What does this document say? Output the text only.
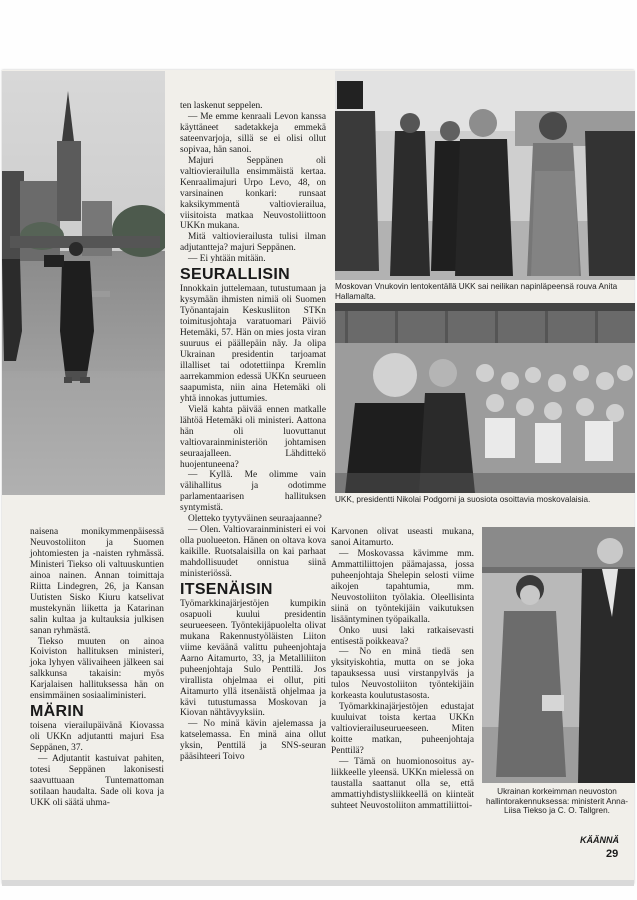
naisena monikymmenpäisessä Neuvostoliiton ja Suomen johtomiesten ja -naisten ryhmässä. Ministeri Tiekso oli valtuuskuntien ainoa nainen. Annan toimittaja Riitta Lindegren, 26, ja Kansan Uutisten Sisko Kiuru katselivat mustekynän liiketta ja Katarinan salin kultaa ja kultauksia julkisen sanan ryhmästä.

Tiekso muuten on ainoa Koiviston hallituksen ministeri, joka lyhyen välivaiheen jälkeen sai salkkunsa takaisin: myös Karjalaisen hallituksessa hän on ensimmäinen sosiaaliministeri.

MÄRIN

toisena vierailupäivänä Kiovassa oli UKKn adjutantti majuri Esa Seppänen, 37.

— Adjutantit kastuivat pahiten, totesi Seppänen lakonisesti saavuttuaan Tuntemattoman sotilaan haudalta. Sade oli kova ja UKK oli säätä uhma-

ten laskenut seppelen.

— Me emme kenraali Levon kanssa käyttäneet sadetakkeja emmekä sateenvarjoja, sillä se ei olisi ollut sopivaa, hän sanoi.

Majuri Seppänen oli valtiovierailulla ensimmäistä kertaa. Kenraalimajuri Urpo Levo, 48, on varsinainen konkari: runsaat kaksikymmentä valtiovierailua, viisitoista matkaa Neuvostoliittoon UKKn mukana.

Mitä valtiovierailusta tulisi ilman adjutantteja? majuri Seppänen.

— Ei yhtään mitään.

SEURALLISIN

Innokkain juttelemaan, tutustumaan ja kysymään ihmisten nimiä oli Suomen Työnantajain Keskusliiton STKn toimitusjohtaja varatuomari Päiviö Hetemäki, 57. Hän on mies josta viran suuruus ei päällepäin näy. Ja olipa Ukrainan presidentin tarjoamat illalliset tai odotettiinpa Kremlin aarrekammion edessä UKKn seurueen saapumista, niin aina Hetemäki oli yhtä innokas juttumies.

Vielä kahta päivää ennen matkalle lähtöä Hetemäki oli ministeri. Aattona hän oli luovuttanut valtiovarainministeriön johtamisen seuraajalleen. Lähdittekö huojentuneena?

— Kyllä. Me olimme vain välihallitus ja odotimme parlamentaarisen hallituksen syntymistä.

Oletteko tyytyväinen seuraajaanne?

— Olen. Valtiovarainministeri ei voi olla puolueeton. Hänen on oltava kova kaikille. Ruotsalaisilla on kai parhaat mahdollisuudet onnistua siinä ministeriössä.

ITSENÄISIN

Työmarkkinajärjestöjen kumpikin osapuoli kuului presidentin seurueeseen. Työntekijäpuolelta olivat mukana Rakennustyöläisten Liiton viime keväänä valittu puheenjohtaja Aarno Aitamurto, 33, ja Metalliliiton puheenjohtaja Sulo Penttilä. Jos virallista ohjelmaa ei ollut, piti Aitamurto yllä itsenäistä ohjelmaa ja kävi tutustumassa Moskovan ja Kiovan nähtävyyksiin.

— No minä kävin ajelemassa ja katselemassa. En minä aina ollut yksin, Penttilä ja SNS-seuran pääsihteeri Toivo

Karvonen olivat useasti mukana, sanoi Aitamurto.

— Moskovassa kävimme mm. Ammattiliittojen päämajassa, jossa puheenjohtaja Shelepin selosti viime aikojen tapahtumia, mm. Neuvostoliiton työlakia. Oleellisinta siinä on työntekijäin vaikutuksen lisääntyminen työpaikalla.

Onko uusi laki ratkaisevasti entisestä poikkeava?

— No en minä tiedä sen yksityiskohtia, mutta on se joka tapauksessa uusi virstanpylväs ja tulos Neuvostoliiton työntekijäin korkeasta koulutustasosta.

Työmarkkinajärjestöjen edustajat kuuluivat toista kertaa UKKn valtiovierailuseurueeseen. Miten koitte matkan, puheenjohtaja Penttilä?

— Tämä on huomionosoitus ay-liikkeelle yleensä. UKKn mielessä on taustalla saattanut olla se, että ammattiyhdistysliikkeellä on kiinteät suhteet Neuvostoliiton ammattiliittoi-

Moskovan Vnukovin lentokentällä UKK sai neilikan napinläpeensä rouva Anita Hallamalta.
UKK, presidentti Nikolai Podgorni ja suosiota osoittavia moskovalaisia.
Ukrainan korkeimman neuvoston hallintorakennuksessa: ministerit Anna-Liisa Tiekso ja C. O. Tallgren.
KÄÄNNÄ
29
